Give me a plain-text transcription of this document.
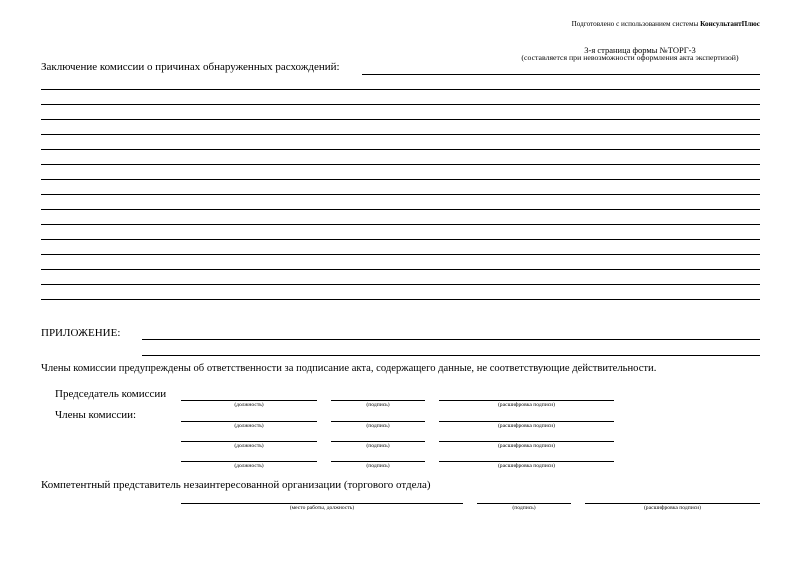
Подготовлено с использованием системы КонсультантПлюс
3-я страница формы №ТОРГ-3
(составляется при невозможности оформления акта экспертизой)
Заключение комиссии о причинах обнаруженных расхождений:
ПРИЛОЖЕНИЕ:
Члены комиссии предупреждены об ответственности за подписание акта, содержащего данные, не соответствующие действительности.
Председатель комиссии
(должность)	(подпись)	(расшифровка подписи)
Члены комиссии:
(должность)	(подпись)	(расшифровка подписи)
(должность)	(подпись)	(расшифровка подписи)
(должность)	(подпись)	(расшифровка подписи)
Компетентный представитель незаинтересованной организации (торгового отдела)
(место работы, должность)	(подпись)	(расшифровка подписи)
